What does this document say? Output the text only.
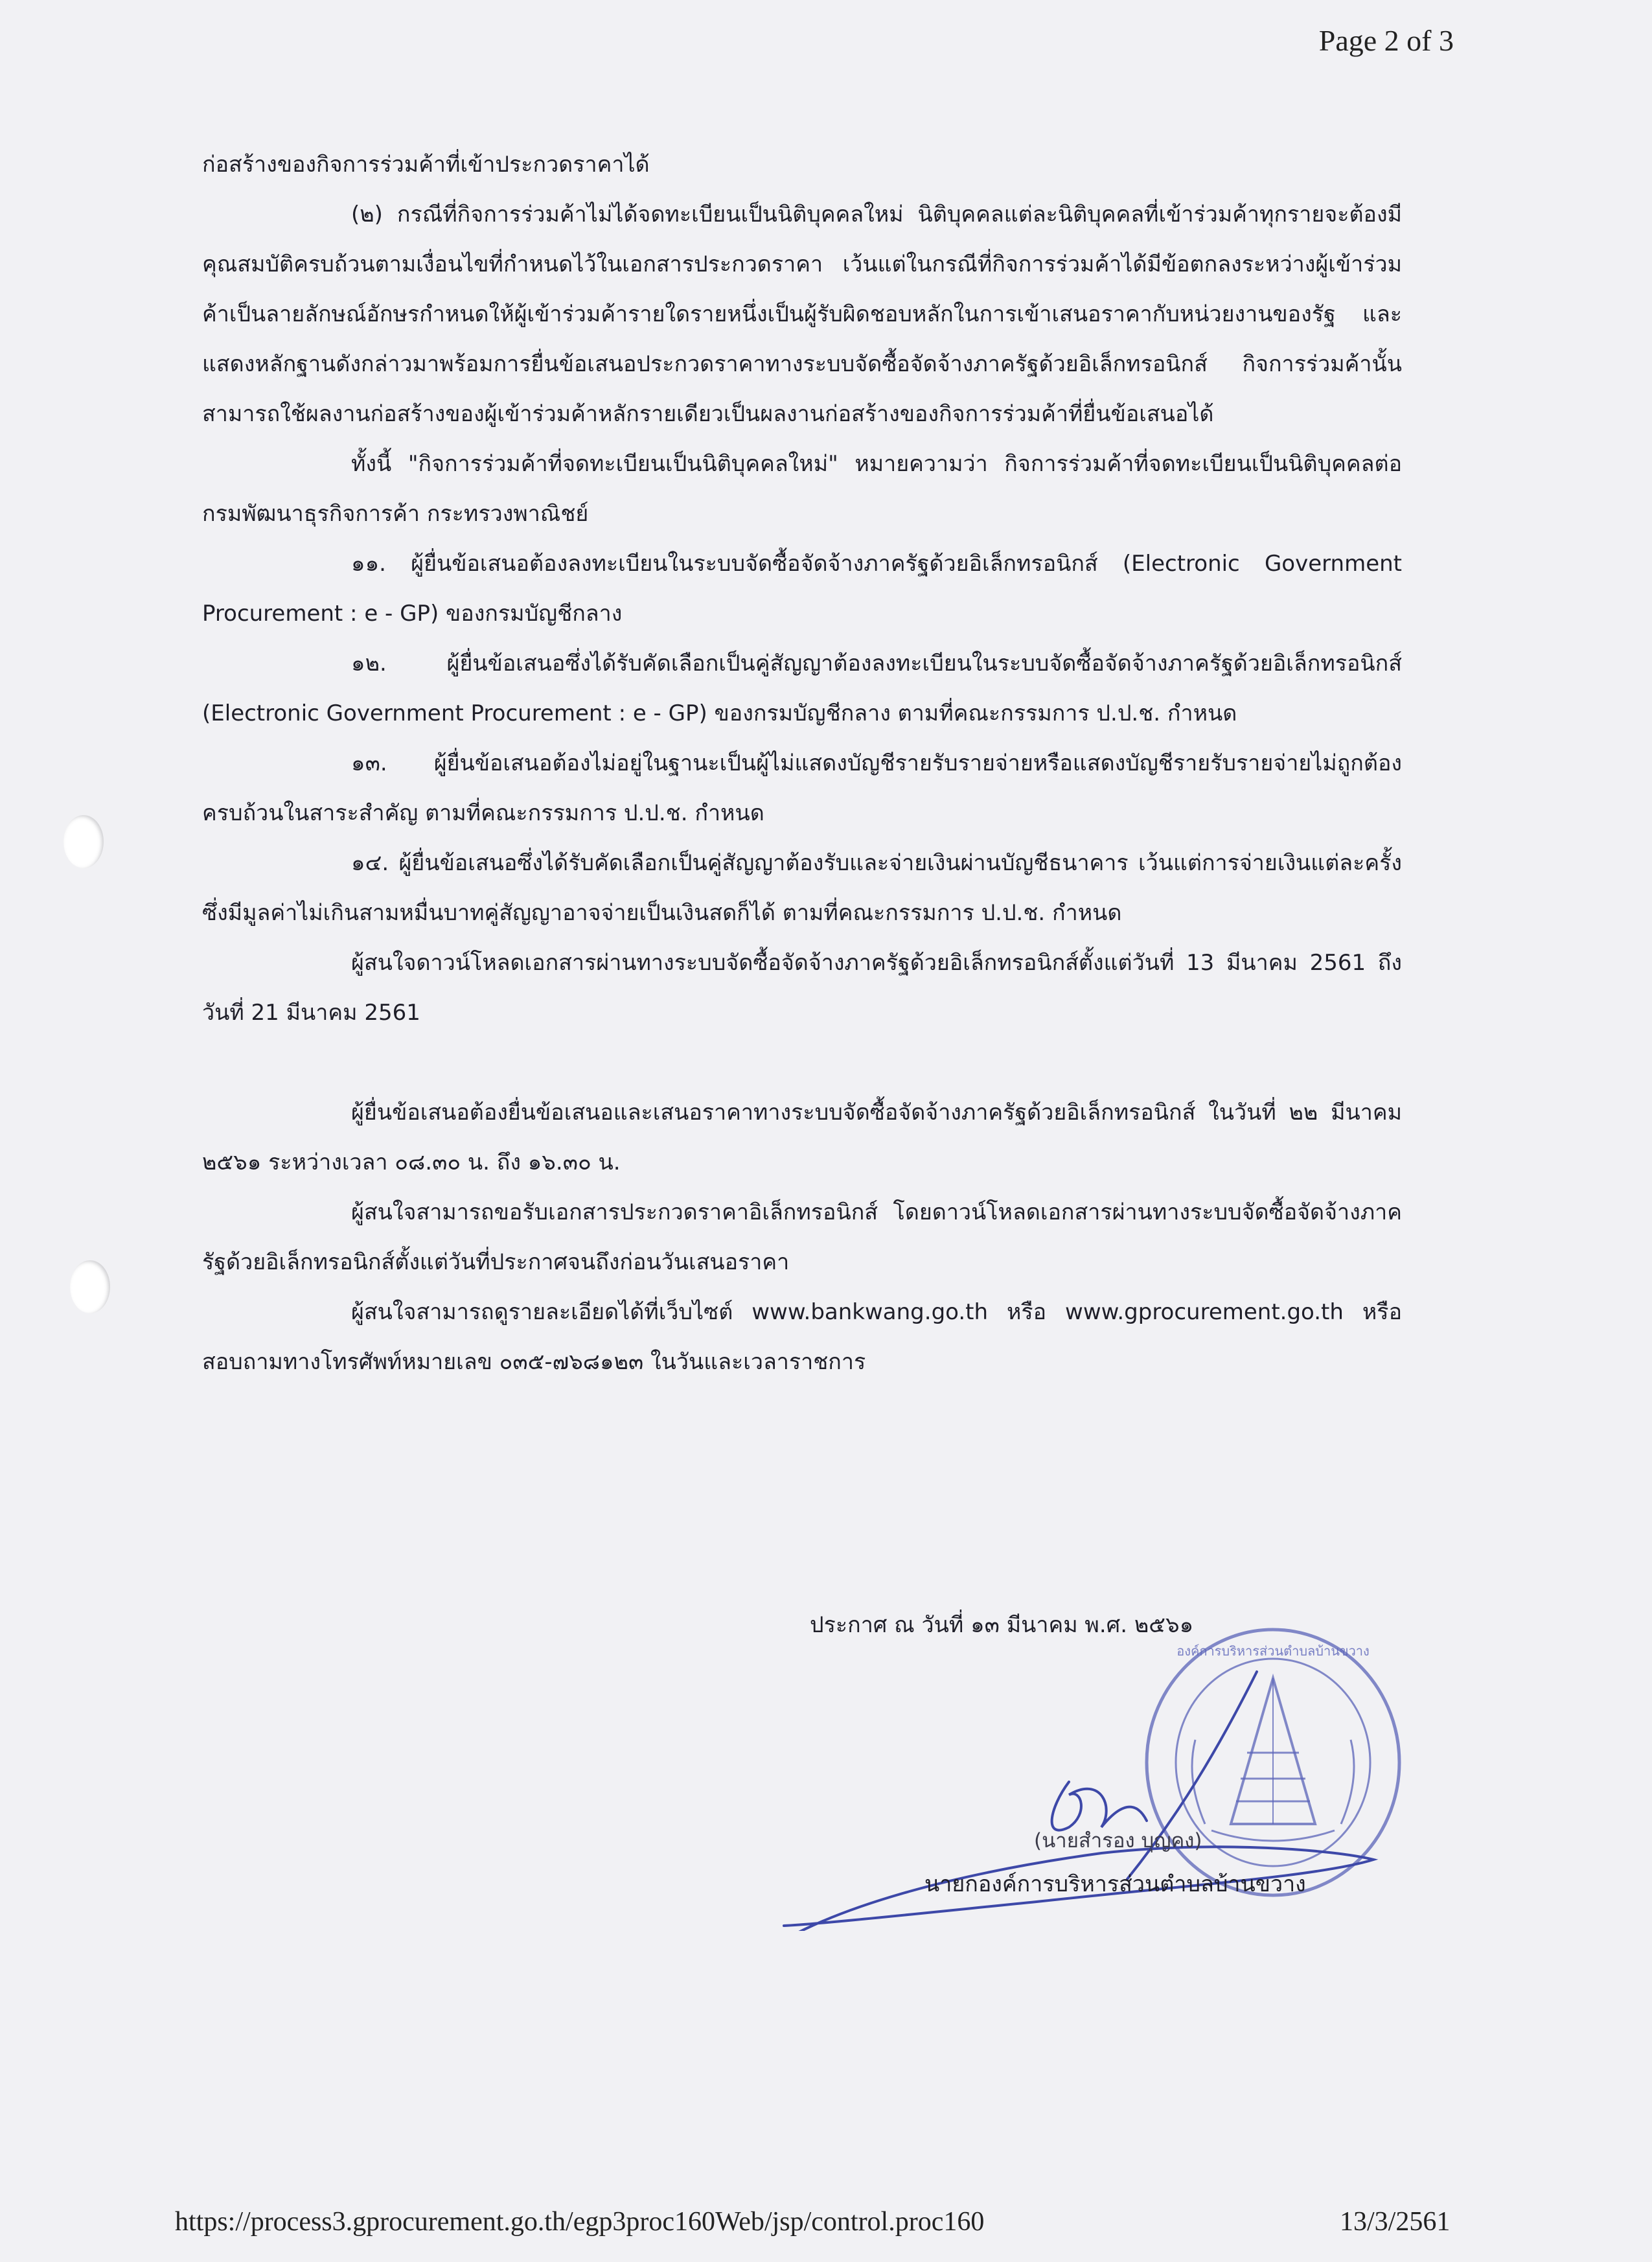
Page 2 of 3

ก่อสร้างของกิจการร่วมค้าที่เข้าประกวดราคาได้

(๒) กรณีที่กิจการร่วมค้าไม่ได้จดทะเบียนเป็นนิติบุคคลใหม่ นิติบุคคลแต่ละนิติบุคคลที่เข้าร่วมค้าทุกรายจะต้องมีคุณสมบัติครบถ้วนตามเงื่อนไขที่กำหนดไว้ในเอกสารประกวดราคา เว้นแต่ในกรณีที่กิจการร่วมค้าได้มีข้อตกลงระหว่างผู้เข้าร่วมค้าเป็นลายลักษณ์อักษรกำหนดให้ผู้เข้าร่วมค้ารายใดรายหนึ่งเป็นผู้รับผิดชอบหลักในการเข้าเสนอราคากับหน่วยงานของรัฐ และแสดงหลักฐานดังกล่าวมาพร้อมการยื่นข้อเสนอประกวดราคาทางระบบจัดซื้อจัดจ้างภาครัฐด้วยอิเล็กทรอนิกส์ กิจการร่วมค้านั้นสามารถใช้ผลงานก่อสร้างของผู้เข้าร่วมค้าหลักรายเดียวเป็นผลงานก่อสร้างของกิจการร่วมค้าที่ยื่นข้อเสนอได้

ทั้งนี้ "กิจการร่วมค้าที่จดทะเบียนเป็นนิติบุคคลใหม่" หมายความว่า กิจการร่วมค้าที่จดทะเบียนเป็นนิติบุคคลต่อกรมพัฒนาธุรกิจการค้า กระทรวงพาณิชย์

๑๑. ผู้ยื่นข้อเสนอต้องลงทะเบียนในระบบจัดซื้อจัดจ้างภาครัฐด้วยอิเล็กทรอนิกส์ (Electronic Government Procurement : e - GP) ของกรมบัญชีกลาง

๑๒. ผู้ยื่นข้อเสนอซึ่งได้รับคัดเลือกเป็นคู่สัญญาต้องลงทะเบียนในระบบจัดซื้อจัดจ้างภาครัฐด้วยอิเล็กทรอนิกส์ (Electronic Government Procurement : e - GP) ของกรมบัญชีกลาง ตามที่คณะกรรมการ ป.ป.ช. กำหนด

๑๓. ผู้ยื่นข้อเสนอต้องไม่อยู่ในฐานะเป็นผู้ไม่แสดงบัญชีรายรับรายจ่ายหรือแสดงบัญชีรายรับรายจ่ายไม่ถูกต้องครบถ้วนในสาระสำคัญ ตามที่คณะกรรมการ ป.ป.ช. กำหนด

๑๔. ผู้ยื่นข้อเสนอซึ่งได้รับคัดเลือกเป็นคู่สัญญาต้องรับและจ่ายเงินผ่านบัญชีธนาคาร เว้นแต่การจ่ายเงินแต่ละครั้งซึ่งมีมูลค่าไม่เกินสามหมื่นบาทคู่สัญญาอาจจ่ายเป็นเงินสดก็ได้ ตามที่คณะกรรมการ ป.ป.ช. กำหนด

ผู้สนใจดาวน์โหลดเอกสารผ่านทางระบบจัดซื้อจัดจ้างภาครัฐด้วยอิเล็กทรอนิกส์ตั้งแต่วันที่ 13 มีนาคม 2561 ถึงวันที่ 21 มีนาคม 2561

ผู้ยื่นข้อเสนอต้องยื่นข้อเสนอและเสนอราคาทางระบบจัดซื้อจัดจ้างภาครัฐด้วยอิเล็กทรอนิกส์ ในวันที่ ๒๒ มีนาคม ๒๕๖๑ ระหว่างเวลา ๐๘.๓๐ น. ถึง ๑๖.๓๐ น.

ผู้สนใจสามารถขอรับเอกสารประกวดราคาอิเล็กทรอนิกส์ โดยดาวน์โหลดเอกสารผ่านทางระบบจัดซื้อจัดจ้างภาครัฐด้วยอิเล็กทรอนิกส์ตั้งแต่วันที่ประกาศจนถึงก่อนวันเสนอราคา

ผู้สนใจสามารถดูรายละเอียดได้ที่เว็บไซต์ www.bankwang.go.th หรือ www.gprocurement.go.th หรือสอบถามทางโทรศัพท์หมายเลข ๐๓๕-๗๖๘๑๒๓ ในวันและเวลาราชการ

องค์การบริหารส่วนตำบลบ้านขวาง
ประกาศ ณ วันที่ ๑๓ มีนาคม พ.ศ. ๒๕๖๑
(นายสำรอง บุญคง)
นายกองค์การบริหารส่วนตำบลบ้านขวาง
https://process3.gprocurement.go.th/egp3proc160Web/jsp/control.proc160	13/3/2561
